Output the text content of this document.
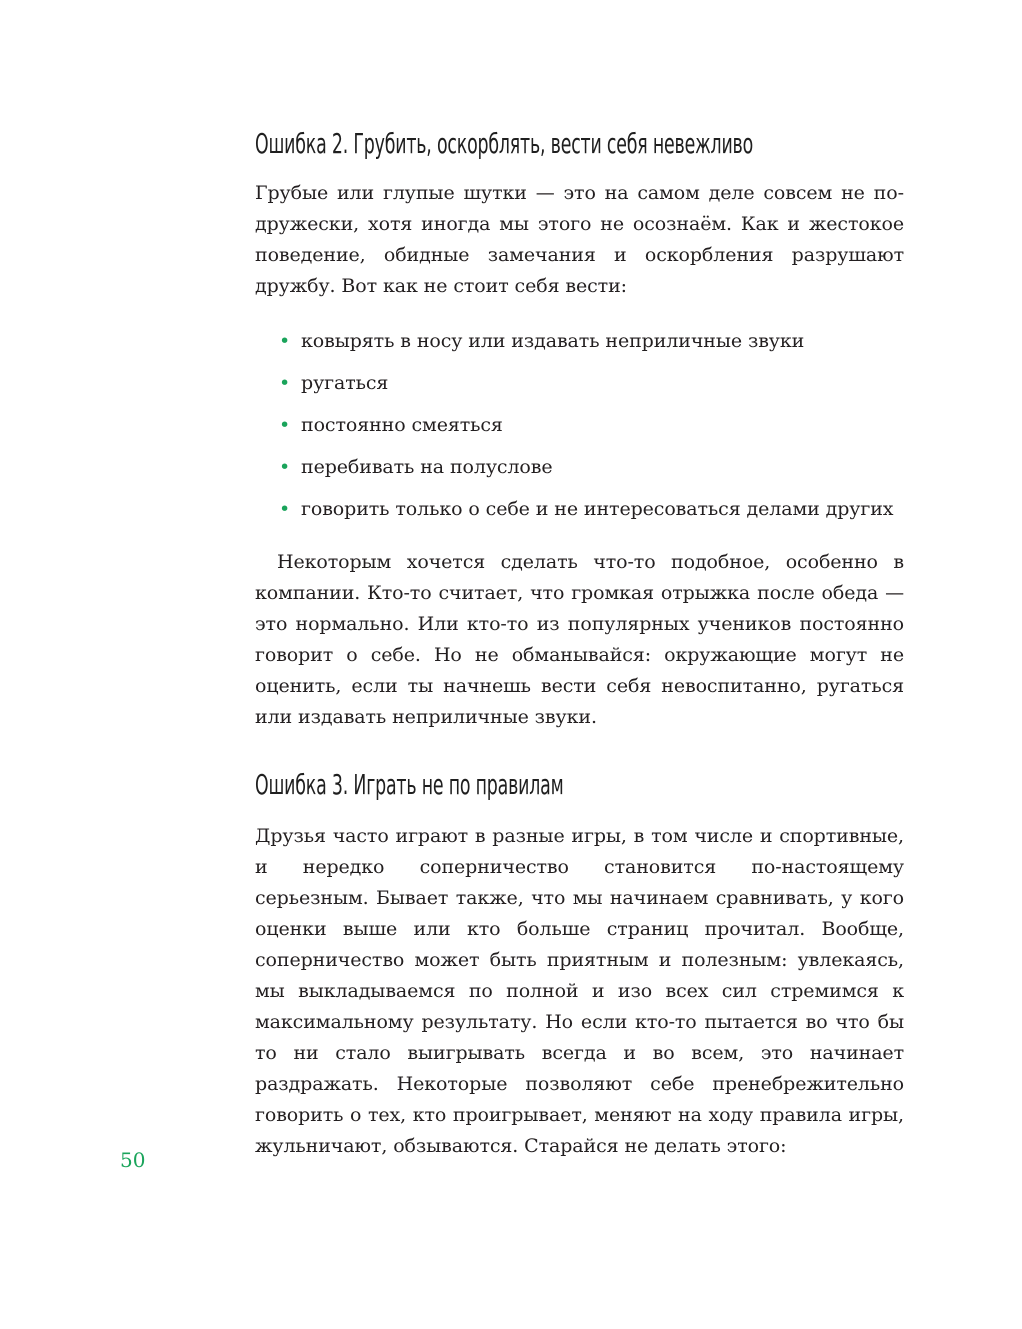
Ошибка 2. Грубить, оскорблять, вести себя невежливо

Грубые или глупые шутки — это на самом деле совсем не подружески, хотя иногда мы этого не осознаём. Как и жестокое поведение, обидные замечания и оскорбления разрушают дружбу. Вот как не стоит себя вести:

• ковырять в носу или издавать неприличные звуки
• ругаться
• постоянно смеяться
• перебивать на полуслове
• говорить только о себе и не интересоваться делами других

Некоторым хочется сделать что-то подобное, особенно в компании. Кто-то считает, что громкая отрыжка после обеда — это нормально. Или кто-то из популярных учеников постоянно говорит о себе. Но не обманывайся: окружающие могут не оценить, если ты начнешь вести себя невоспитанно, ругаться или издавать неприличные звуки.

Ошибка 3. Играть не по правилам

Друзья часто играют в разные игры, в том числе и спортивные, и нередко соперничество становится по-настоящему серьезным. Бывает также, что мы начинаем сравнивать, у кого оценки выше или кто больше страниц прочитал. Вообще, соперничество может быть приятным и полезным: увлекаясь, мы выкладываемся по полной и изо всех сил стремимся к максимальному результату. Но если кто-то пытается во что бы то ни стало выигрывать всегда и во всем, это начинает раздражать. Некоторые позволяют себе пренебрежительно говорить о тех, кто проигрывает, меняют на ходу правила игры, жульничают, обзываются. Старайся не делать этого:

50
